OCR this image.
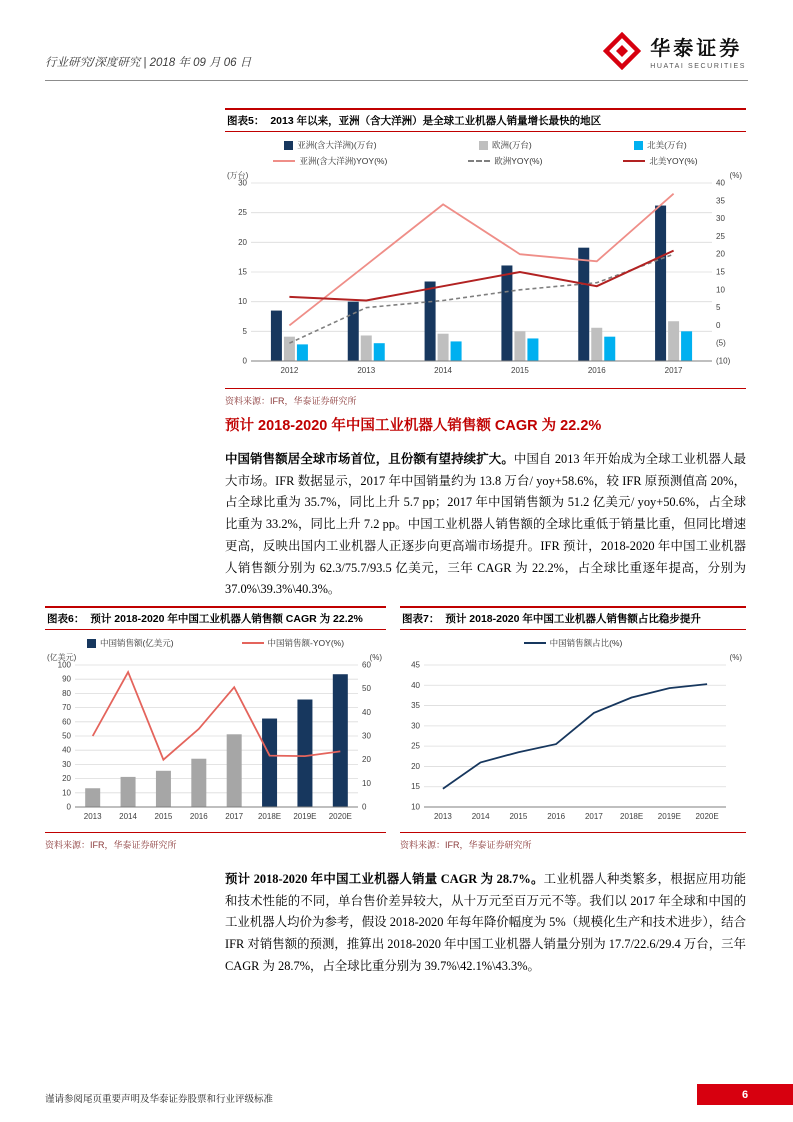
行业研究/深度研究 | 2018 年 09 月 06 日
华泰证券
HUATAI SECURITIES
图表5： 2013 年以来，亚洲（含大洋洲）是全球工业机器人销量增长最快的地区
亚洲(含大洋洲)(万台)	欧洲(万台)	北美(万台)
亚洲(含大洋洲)YOY(%)	欧洲YOY(%)	北美YOY(%)
0
5
10
15
20
25
30
(10)
(5)
0
5
10
15
20
25
30
35
40
(万台)	(%)
2012	2013	2014	2015	2016	2017
资料来源：IFR，华泰证券研究所
预计 2018-2020 年中国工业机器人销售额 CAGR 为 22.2%

中国销售额居全球市场首位，且份额有望持续扩大。中国自 2013 年开始成为全球工业机器人最大市场。IFR 数据显示，2017 年中国销量约为 13.8 万台/ yoy+58.6%，较 IFR 原预测值高 20%，占全球比重为 35.7%，同比上升 5.7 pp；2017 年中国销售额为 51.2 亿美元/ yoy+50.6%，占全球比重为 33.2%，同比上升 7.2 pp。中国工业机器人销售额的全球比重低于销量比重，但同比增速更高，反映出国内工业机器人正逐步向更高端市场提升。IFR 预计，2018-2020 年中国工业机器人销售额分别为 62.3/75.7/93.5 亿美元，三年 CAGR 为 22.2%，占全球比重逐年提高，分别为 37.0%\39.3%\40.3%。

图表6： 预计 2018-2020 年中国工业机器人销售额 CAGR 为 22.2%
中国销售额(亿美元)	中国销售额-YOY(%)
0
10
20
30
40
50
60
70
80
90
100
0
10
20
30
40
50
60
(亿美元)	(%)
2013 2014 2015 2016 2017 2018E 2019E 2020E
资料来源：IFR，华泰证券研究所
图表7： 预计 2018-2020 年中国工业机器人销售额占比稳步提升
中国销售额占比(%)
10
15
20
25
30
35
40
45
(%)
2013 2014 2015 2016 2017 2018E 2019E 2020E
资料来源：IFR，华泰证券研究所

预计 2018-2020 年中国工业机器人销量 CAGR 为 28.7%。工业机器人种类繁多，根据应用功能和技术性能的不同，单台售价差异较大，从十万元至百万元不等。我们以 2017 年全球和中国的工业机器人均价为参考，假设 2018-2020 年每年降价幅度为 5%（规模化生产和技术进步），结合 IFR 对销售额的预测，推算出 2018-2020 年中国工业机器人销量分别为 17.7/22.6/29.4 万台，三年 CAGR 为 28.7%，占全球比重分别为 39.7%\42.1%\43.3%。

谨请参阅尾页重要声明及华泰证券股票和行业评级标准	6
